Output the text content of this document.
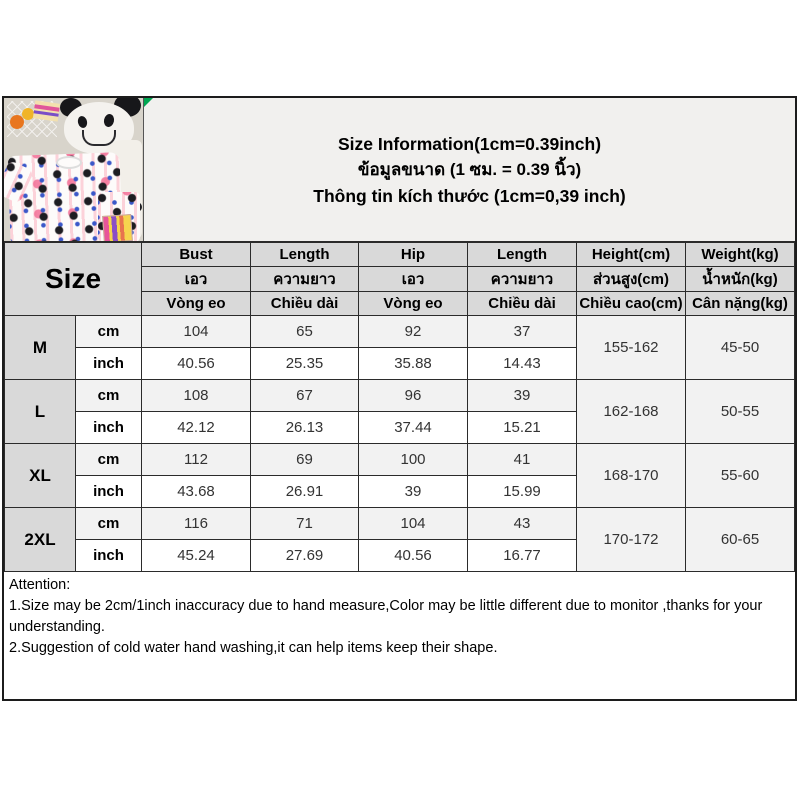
Size Information(1cm=0.39inch)
ข้อมูลขนาด (1 ซม. = 0.39 นิ้ว)
Thông tin kích thước (1cm=0,39 inch)
Size		Bust	Length	Hip	Length	Height(cm)	Weight(kg)
		เอว	ความยาว	เอว	ความยาว	ส่วนสูง(cm)	น้ำหนัก(kg)
		Vòng eo	Chiều dài	Vòng eo	Chiều dài	Chiều cao(cm)	Cân nặng(kg)
M	cm	104	65	92	37	155-162	45-50
	inch	40.56	25.35	35.88	14.43		
L	cm	108	67	96	39	162-168	50-55
	inch	42.12	26.13	37.44	15.21		
XL	cm	112	69	100	41	168-170	55-60
	inch	43.68	26.91	39	15.99		
2XL	cm	116	71	104	43	170-172	60-65
	inch	45.24	27.69	40.56	16.77		
Attention:
1.Size may be 2cm/1inch inaccuracy due to hand measure,Color may be little different due to monitor ,thanks for your understanding.
2.Suggestion of cold water hand washing,it can help items keep their shape.
